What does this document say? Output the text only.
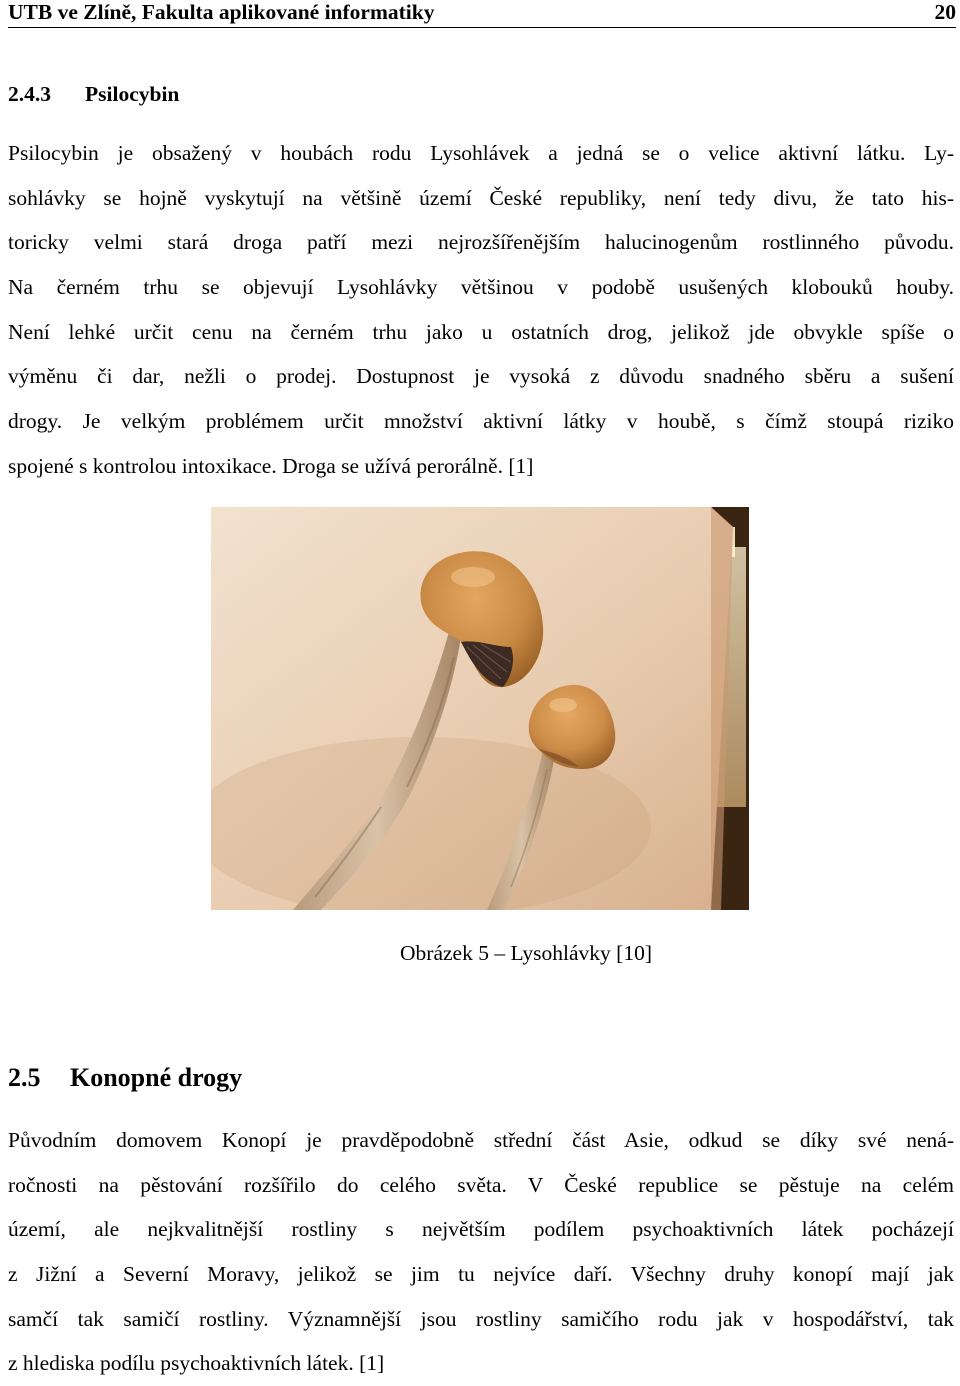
UTB ve Zlíně, Fakulta aplikované informatiky	20
2.4.3 Psilocybin
Psilocybin je obsažený v houbách rodu Lysohlávek a jedná se o velice aktivní látku. Ly-
sohlávky se hojně vyskytují na většině území České republiky, není tedy divu, že tato his-
toricky velmi stará droga patří mezi nejrozšířenějším halucinogenům rostlinného původu.
Na černém trhu se objevují Lysohlávky většinou v podobě usušených klobouků houby.
Není lehké určit cenu na černém trhu jako u ostatních drog, jelikož jde obvykle spíše o
výměnu či dar, nežli o prodej. Dostupnost je vysoká z důvodu snadného sběru a sušení
drogy. Je velkým problémem určit množství aktivní látky v houbě, s čímž stoupá riziko
spojené s kontrolou intoxikace. Droga se užívá perorálně. [1]
Obrázek 5 – Lysohlávky [10]
2.5 Konopné drogy
Původním domovem Konopí je pravděpodobně střední část Asie, odkud se díky své nená-
ročnosti na pěstování rozšířilo do celého světa. V České republice se pěstuje na celém
území, ale nejkvalitnější rostliny s největším podílem psychoaktivních látek pocházejí
z Jižní a Severní Moravy, jelikož se jim tu nejvíce daří. Všechny druhy konopí mají jak
samčí tak samičí rostliny. Významnější jsou rostliny samičího rodu jak v hospodářství, tak
z hlediska podílu psychoaktivních látek. [1]
